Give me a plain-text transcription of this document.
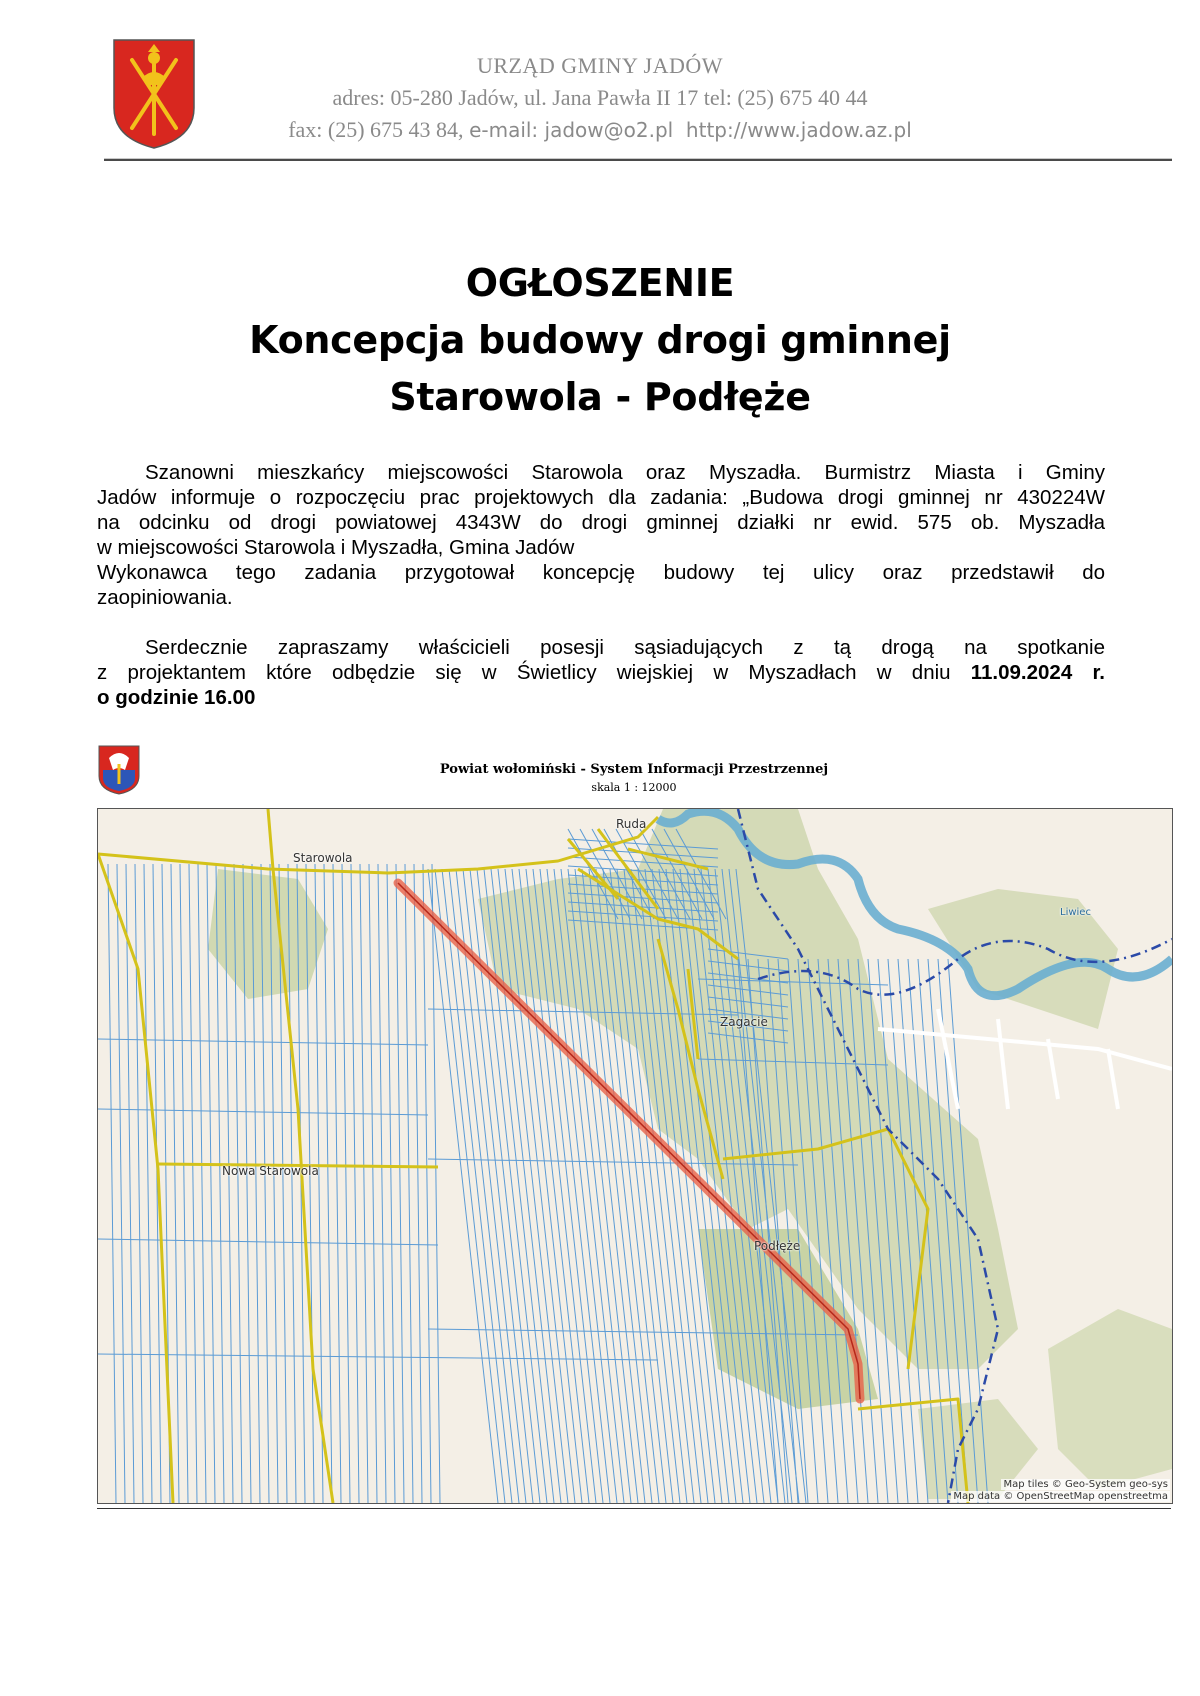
URZĄD GMINY JADÓW
adres: 05-280 Jadów, ul. Jana Pawła II 17 tel: (25) 675 40 44
fax: (25) 675 43 84, e-mail: jadow@o2.pl http://www.jadow.az.pl
OGŁOSZENIE
Koncepcja budowy drogi gminnej
Starowola - Podłęże

Szanowni mieszkańcy miejscowości Starowola oraz Myszadła. Burmistrz Miasta i Gminy
Jadów informuje o rozpoczęciu prac projektowych dla zadania: „Budowa drogi gminnej nr 430224W
na odcinku od drogi powiatowej 4343W do drogi gminnej działki nr ewid. 575 ob. Myszadła
w miejscowości Starowola i Myszadła, Gmina Jadów
Wykonawca tego zadania przygotował koncepcję budowy tej ulicy oraz przedstawił do
zaopiniowania.

Serdecznie zapraszamy właścicieli posesji sąsiadujących z tą drogą na spotkanie
z projektantem które odbędzie się w Świetlicy wiejskiej w Myszadłach w dniu 11.09.2024 r.
o godzinie 16.00

Powiat wołomiński - System Informacji Przestrzennej
skala 1 : 12000
Starowola
Nowa Starowola
Podłęże
Zagacie
Ruda
Liwiec
Map tiles © Geo-System geo-sys
Map data © OpenStreetMap openstreetma
